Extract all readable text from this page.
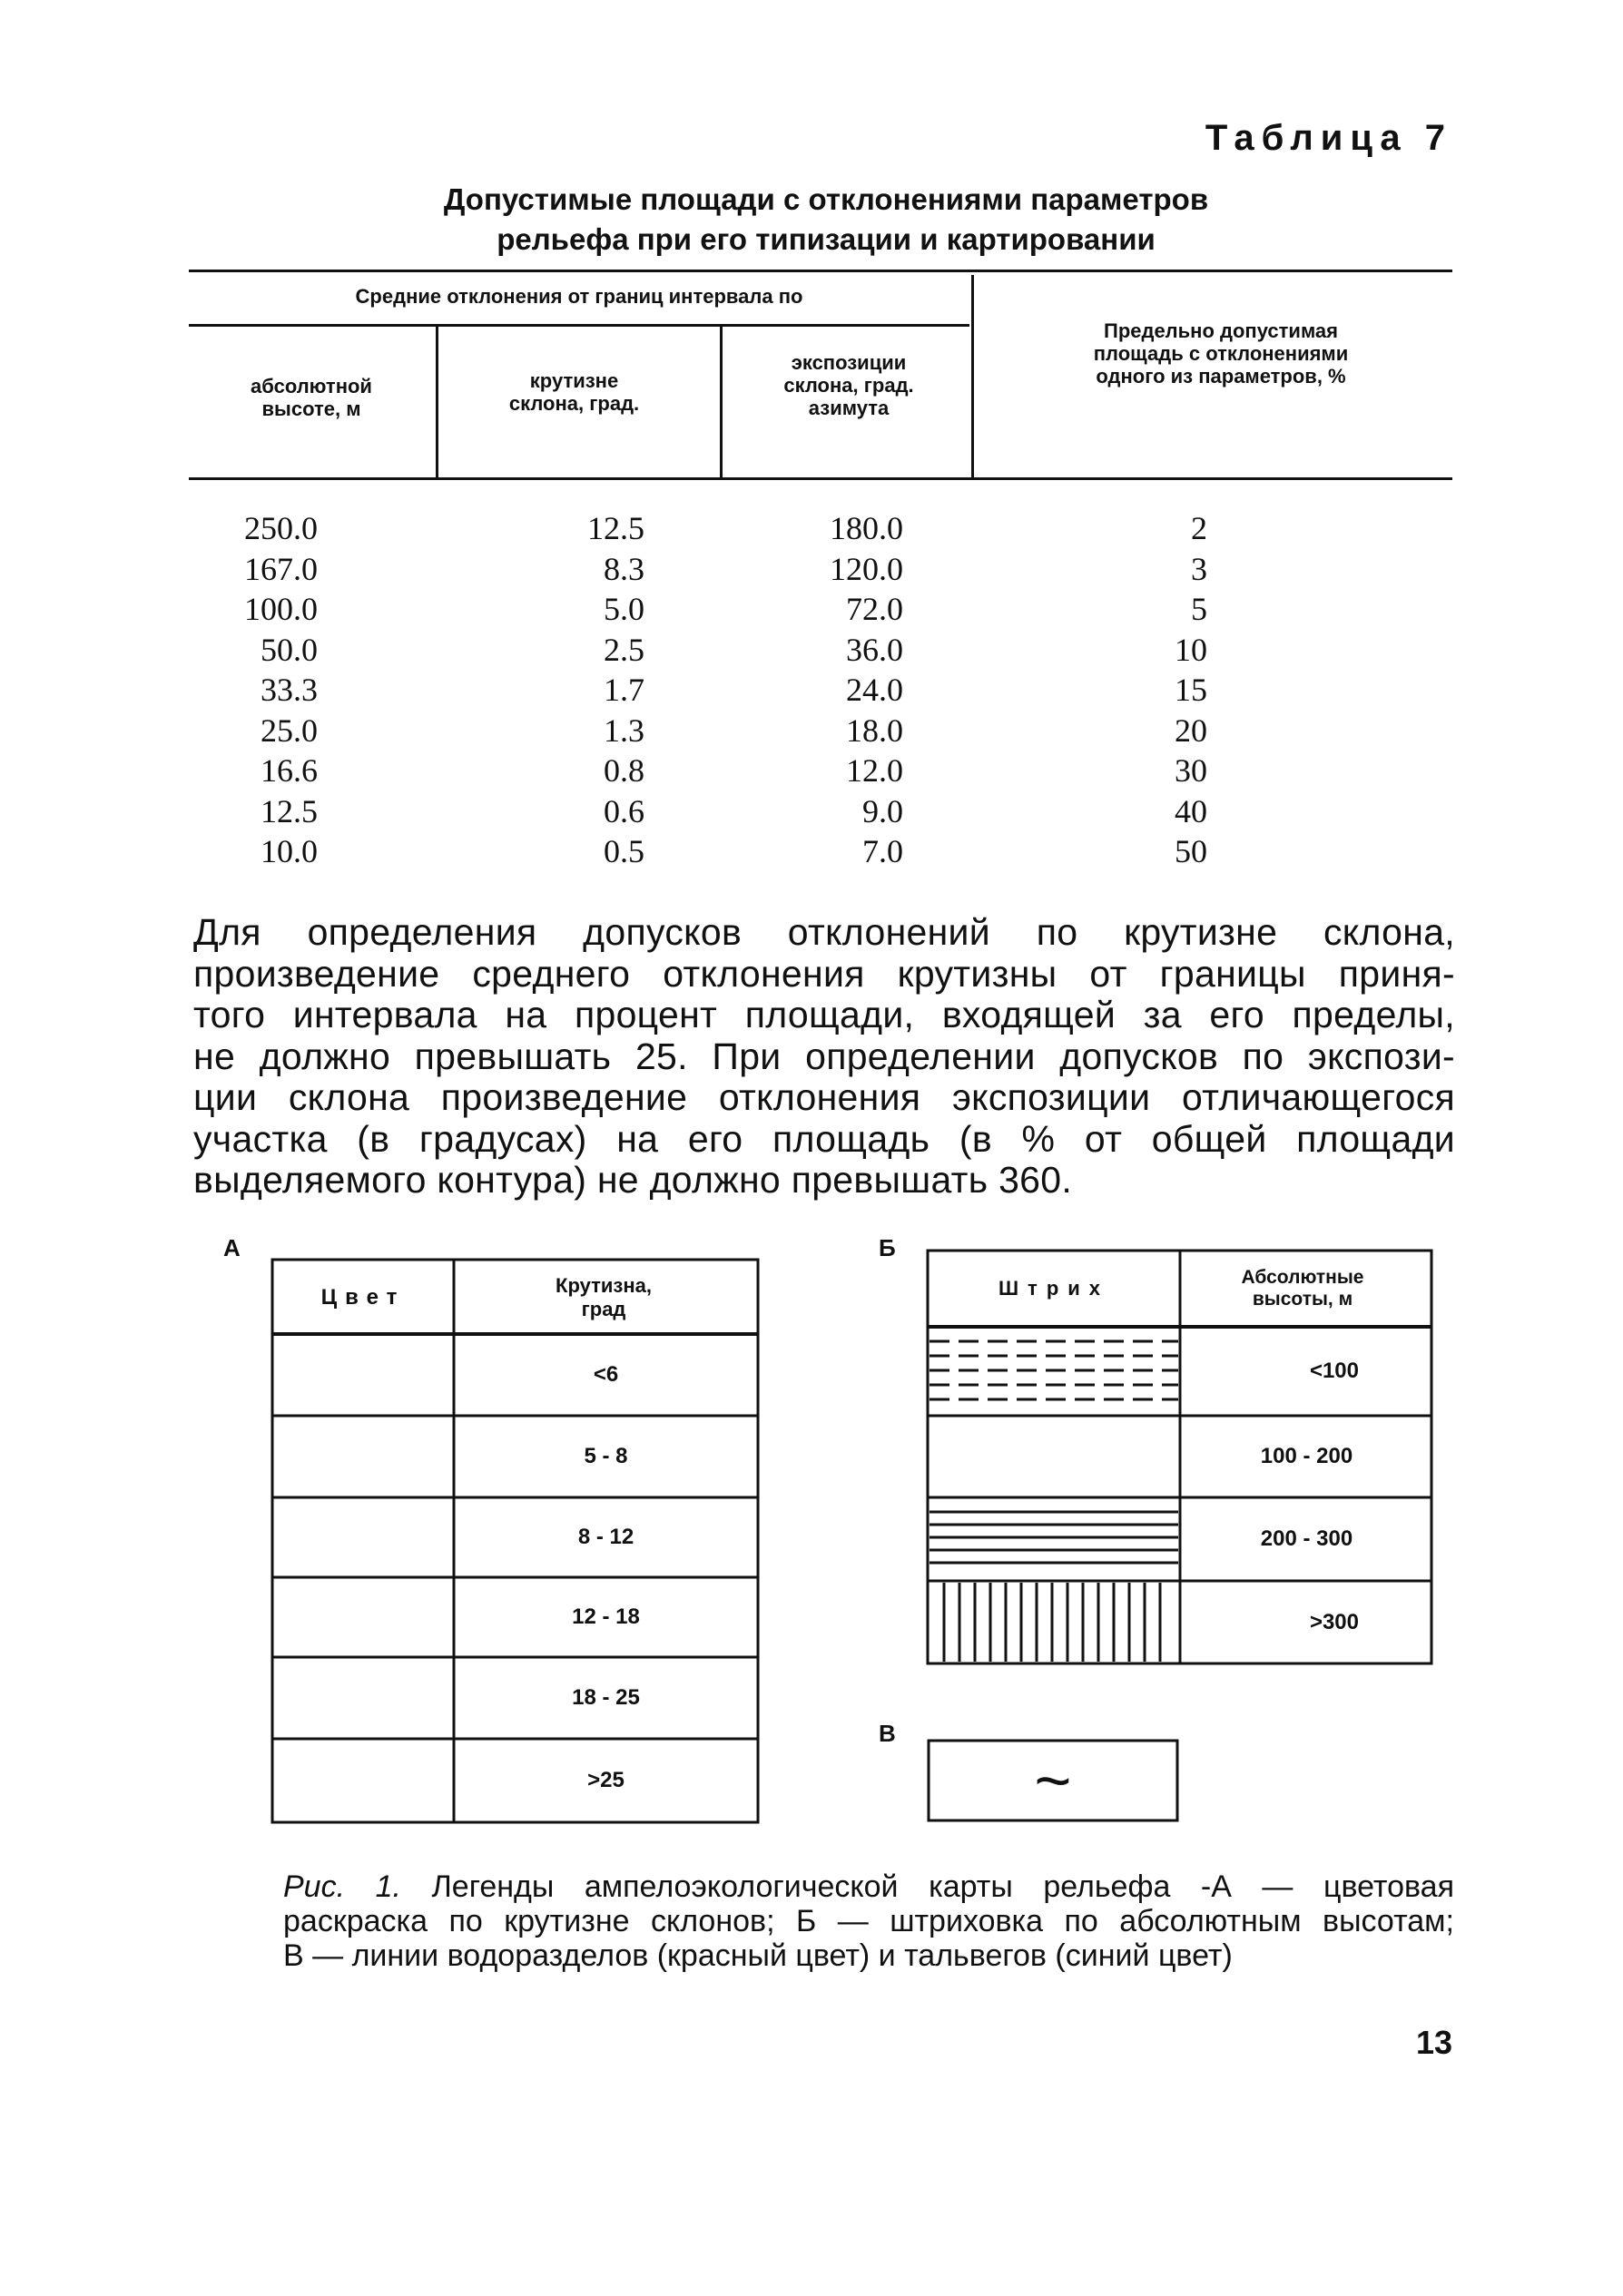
Таблица 7
Допустимые площади с отклонениями параметров
рельефа при его типизации и картировании
Средние отклонения от границ интервала по
абсолютной высоте, м
крутизне склона, град.
экспозиции склона, град. азимута
Предельно допустимая площадь с отклонениями одного из параметров, %
250.0
167.0
100.0
50.0
33.3
25.0
16.6
12.5
10.0
12.5
8.3
5.0
2.5
1.7
1.3
0.8
0.6
0.5
180.0
120.0
72.0
36.0
24.0
18.0
12.0
9.0
7.0
2
3
5
10
15
20
30
40
50
Для определения допусков отклонений по крутизне склона,
произведение среднего отклонения крутизны от границы приня-
того интервала на процент площади, входящей за его пределы,
не должно превышать 25. При определении допусков по экспози-
ции склона произведение отклонения экспозиции отличающегося
участка (в градусах) на его площадь (в % от общей площади
выделяемого контура) не должно превышать 360.
А
Цвет	Крутизна, град
<6
5 - 8
8 - 12
12 - 18
18 - 25
>25
Б
Штрих	Абсолютные высоты, м
<100
100 - 200
200 - 300
>300
В
~
Рис. 1. Легенды ампелоэкологической карты рельефа -А — цветовая
раскраска по крутизне склонов; Б — штриховка по абсолютным высотам;
В — линии водоразделов (красный цвет) и тальвегов (синий цвет)
13
